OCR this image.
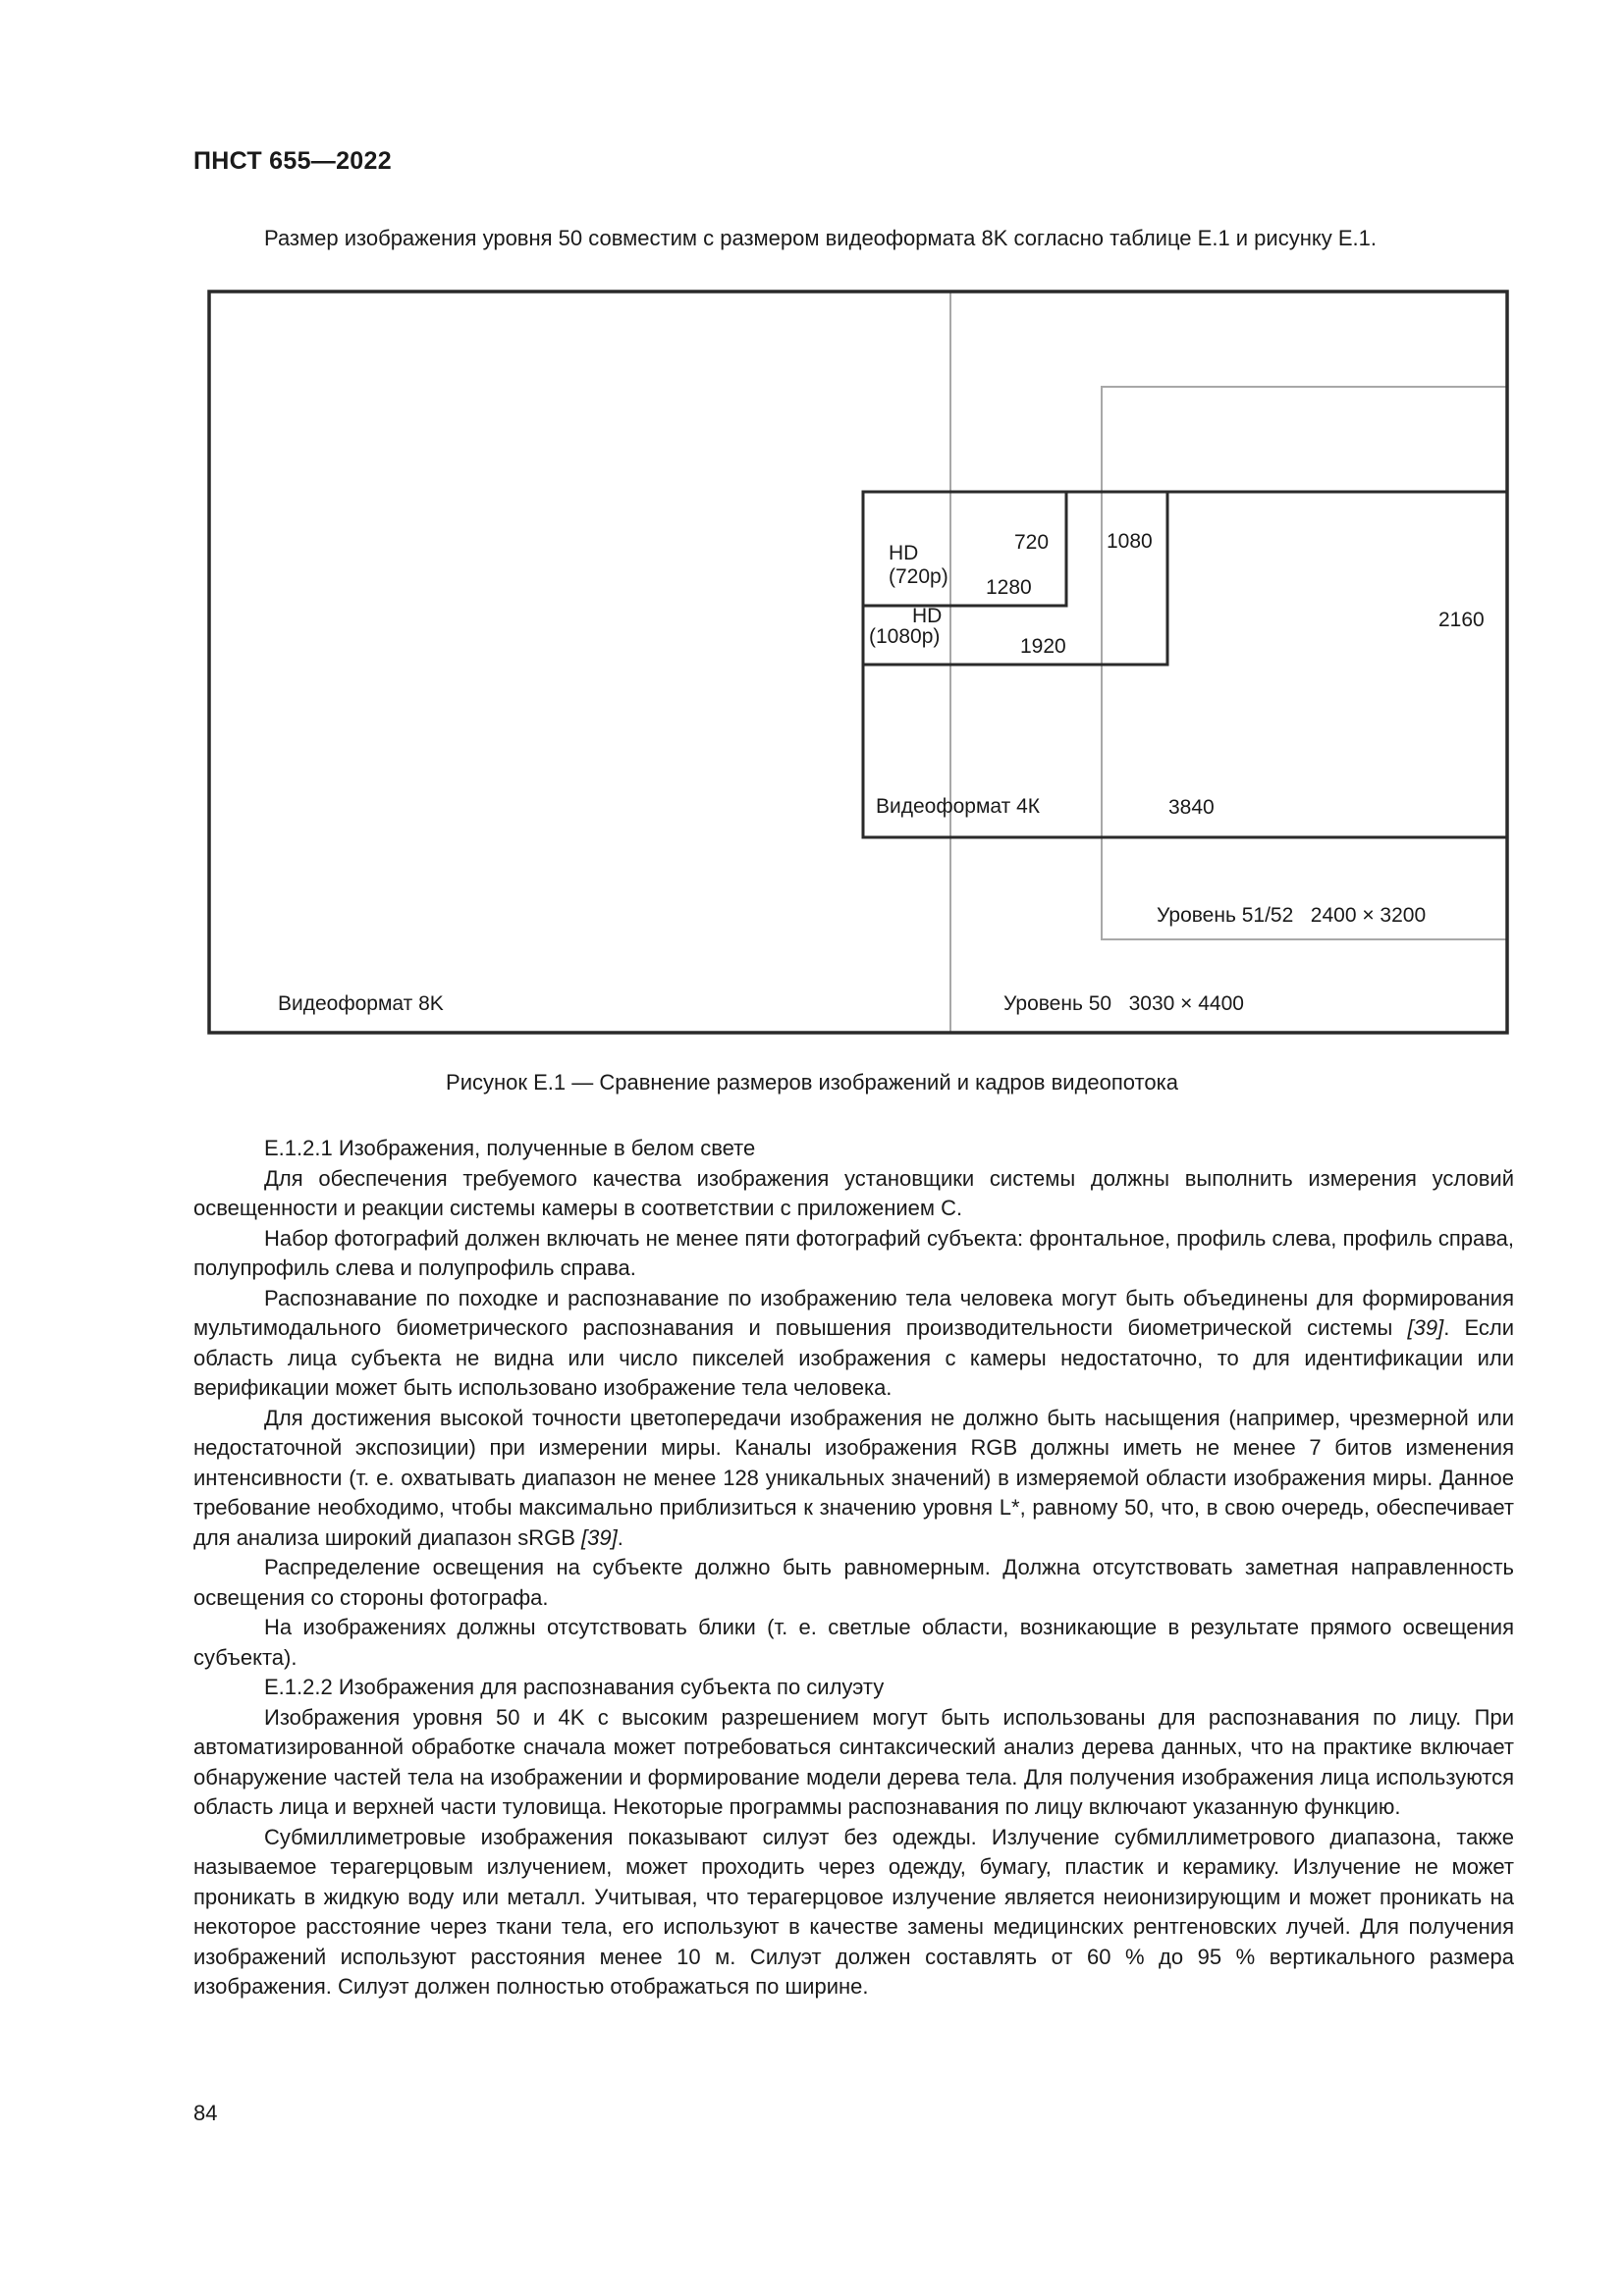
ПНСТ 655—2022
Размер изображения уровня 50 совместим с размером видеоформата 8K согласно таблице Е.1 и рисунку Е.1.
HD
(720p)
720
1280
HD
(1080p)
1080
1920
2160
Видеоформат 4К	3840
Уровень 51/52   2400 × 3200
Видеоформат 8K	Уровень 50   3030 × 4400
Рисунок Е.1 — Сравнение размеров изображений и кадров видеопотока

Е.1.2.1 Изображения, полученные в белом свете

Для обеспечения требуемого качества изображения установщики системы должны выполнить измерения условий освещенности и реакции системы камеры в соответствии с приложением С.

Набор фотографий должен включать не менее пяти фотографий субъекта: фронтальное, профиль слева, профиль справа, полупрофиль слева и полупрофиль справа.

Распознавание по походке и распознавание по изображению тела человека могут быть объединены для формирования мультимодального биометрического распознавания и повышения производительности биометрической системы [39]. Если область лица субъекта не видна или число пикселей изображения с камеры недостаточно, то для идентификации или верификации может быть использовано изображение тела человека.

Для достижения высокой точности цветопередачи изображения не должно быть насыщения (например, чрезмерной или недостаточной экспозиции) при измерении миры. Каналы изображения RGB должны иметь не менее 7 битов изменения интенсивности (т. е. охватывать диапазон не менее 128 уникальных значений) в измеряемой области изображения миры. Данное требование необходимо, чтобы максимально приблизиться к значению уровня L*, равному 50, что, в свою очередь, обеспечивает для анализа широкий диапазон sRGB [39].

Распределение освещения на субъекте должно быть равномерным. Должна отсутствовать заметная направленность освещения со стороны фотографа.

На изображениях должны отсутствовать блики (т. е. светлые области, возникающие в результате прямого освещения субъекта).

Е.1.2.2 Изображения для распознавания субъекта по силуэту

Изображения уровня 50 и 4K с высоким разрешением могут быть использованы для распознавания по лицу. При автоматизированной обработке сначала может потребоваться синтаксический анализ дерева данных, что на практике включает обнаружение частей тела на изображении и формирование модели дерева тела. Для получения изображения лица используются область лица и верхней части туловища. Некоторые программы распознавания по лицу включают указанную функцию.

Субмиллиметровые изображения показывают силуэт без одежды. Излучение субмиллиметрового диапазона, также называемое терагерцовым излучением, может проходить через одежду, бумагу, пластик и керамику. Излучение не может проникать в жидкую воду или металл. Учитывая, что терагерцовое излучение является неионизирующим и может проникать на некоторое расстояние через ткани тела, его используют в качестве замены медицинских рентгеновских лучей. Для получения изображений используют расстояния менее 10 м. Силуэт должен составлять от 60 % до 95 % вертикального размера изображения. Силуэт должен полностью отображаться по ширине.

84
